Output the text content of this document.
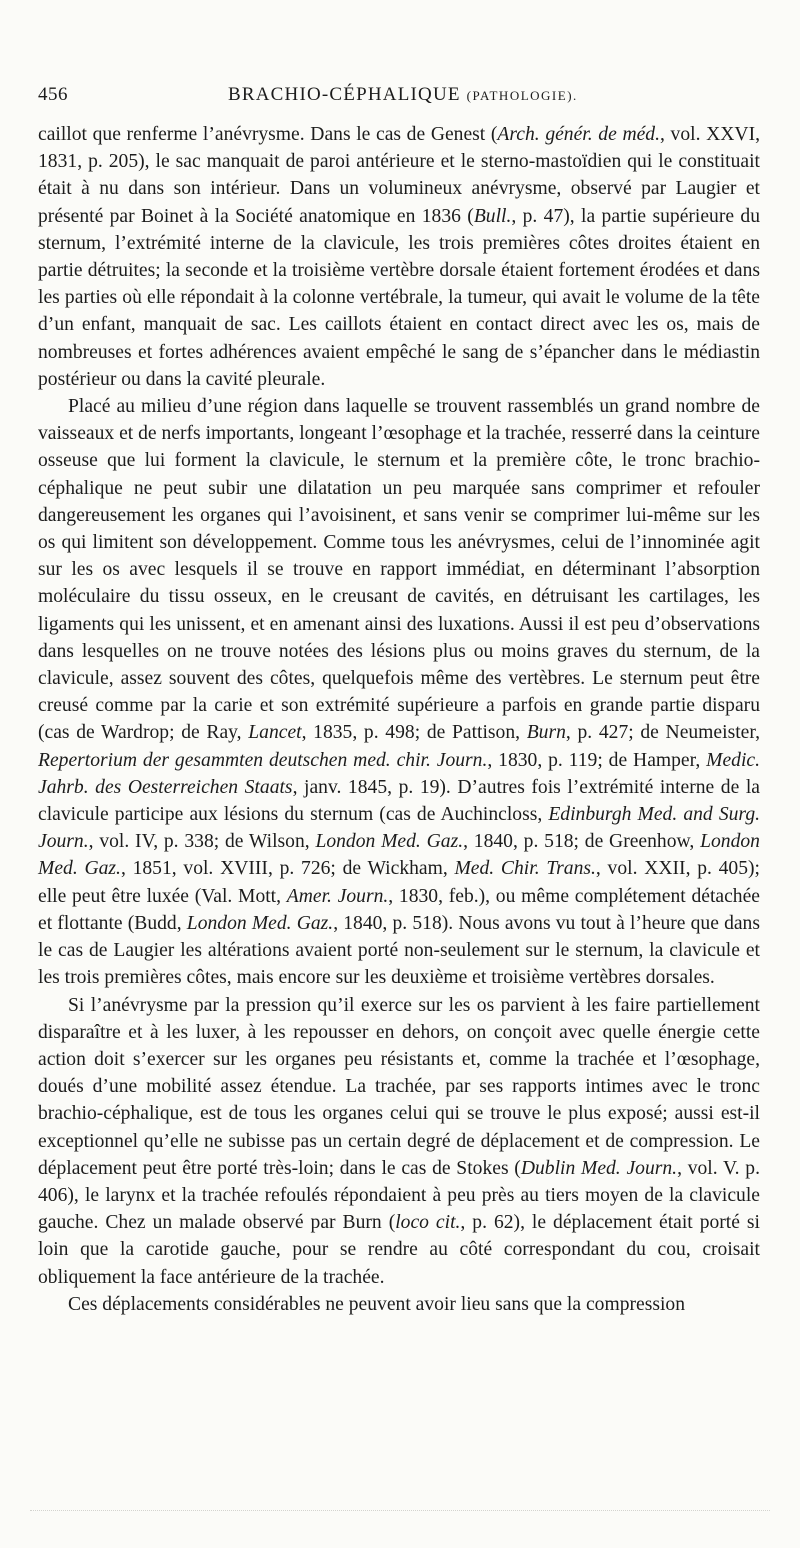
456	BRACHIO-CÉPHALIQUE (PATHOLOGIE).

caillot que renferme l’anévrysme. Dans le cas de Genest (Arch. génér. de méd., vol. XXVI, 1831, p. 205), le sac manquait de paroi antérieure et le sterno-mastoïdien qui le constituait était à nu dans son intérieur. Dans un volumineux anévrysme, observé par Laugier et présenté par Boinet à la Société anatomique en 1836 (Bull., p. 47), la partie supérieure du sternum, l’extrémité interne de la clavicule, les trois premières côtes droites étaient en partie détruites; la seconde et la troisième vertèbre dorsale étaient fortement érodées et dans les parties où elle répondait à la colonne vertébrale, la tumeur, qui avait le volume de la tête d’un enfant, manquait de sac. Les caillots étaient en contact direct avec les os, mais de nombreuses et fortes adhérences avaient empêché le sang de s’épancher dans le médiastin postérieur ou dans la cavité pleurale.

Placé au milieu d’une région dans laquelle se trouvent rassemblés un grand nombre de vaisseaux et de nerfs importants, longeant l’œsophage et la trachée, resserré dans la ceinture osseuse que lui forment la clavicule, le sternum et la première côte, le tronc brachio-céphalique ne peut subir une dilatation un peu marquée sans comprimer et refouler dangereusement les organes qui l’avoisinent, et sans venir se comprimer lui-même sur les os qui limitent son développement. Comme tous les anévrysmes, celui de l’innominée agit sur les os avec lesquels il se trouve en rapport immédiat, en déterminant l’absorption moléculaire du tissu osseux, en le creusant de cavités, en détruisant les cartilages, les ligaments qui les unissent, et en amenant ainsi des luxations. Aussi il est peu d’observations dans lesquelles on ne trouve notées des lésions plus ou moins graves du sternum, de la clavicule, assez souvent des côtes, quelquefois même des vertèbres. Le sternum peut être creusé comme par la carie et son extrémité supérieure a parfois en grande partie disparu (cas de Wardrop; de Ray, Lancet, 1835, p. 498; de Pattison, Burn, p. 427; de Neumeister, Repertorium der gesammten deutschen med. chir. Journ., 1830, p. 119; de Hamper, Medic. Jahrb. des Oesterreichen Staats, janv. 1845, p. 19). D’autres fois l’extrémité interne de la clavicule participe aux lésions du sternum (cas de Auchincloss, Edinburgh Med. and Surg. Journ., vol. IV, p. 338; de Wilson, London Med. Gaz., 1840, p. 518; de Greenhow, London Med. Gaz., 1851, vol. XVIII, p. 726; de Wickham, Med. Chir. Trans., vol. XXII, p. 405); elle peut être luxée (Val. Mott, Amer. Journ., 1830, feb.), ou même complétement détachée et flottante (Budd, London Med. Gaz., 1840, p. 518). Nous avons vu tout à l’heure que dans le cas de Laugier les altérations avaient porté non-seulement sur le sternum, la clavicule et les trois premières côtes, mais encore sur les deuxième et troisième vertèbres dorsales.

Si l’anévrysme par la pression qu’il exerce sur les os parvient à les faire partiellement disparaître et à les luxer, à les repousser en dehors, on conçoit avec quelle énergie cette action doit s’exercer sur les organes peu résistants et, comme la trachée et l’œsophage, doués d’une mobilité assez étendue. La trachée, par ses rapports intimes avec le tronc brachio-céphalique, est de tous les organes celui qui se trouve le plus exposé; aussi est-il exceptionnel qu’elle ne subisse pas un certain degré de déplacement et de compression. Le déplacement peut être porté très-loin; dans le cas de Stokes (Dublin Med. Journ., vol. V. p. 406), le larynx et la trachée refoulés répondaient à peu près au tiers moyen de la clavicule gauche. Chez un malade observé par Burn (loco cit., p. 62), le déplacement était porté si loin que la carotide gauche, pour se rendre au côté correspondant du cou, croisait obliquement la face antérieure de la trachée.

Ces déplacements considérables ne peuvent avoir lieu sans que la compression
